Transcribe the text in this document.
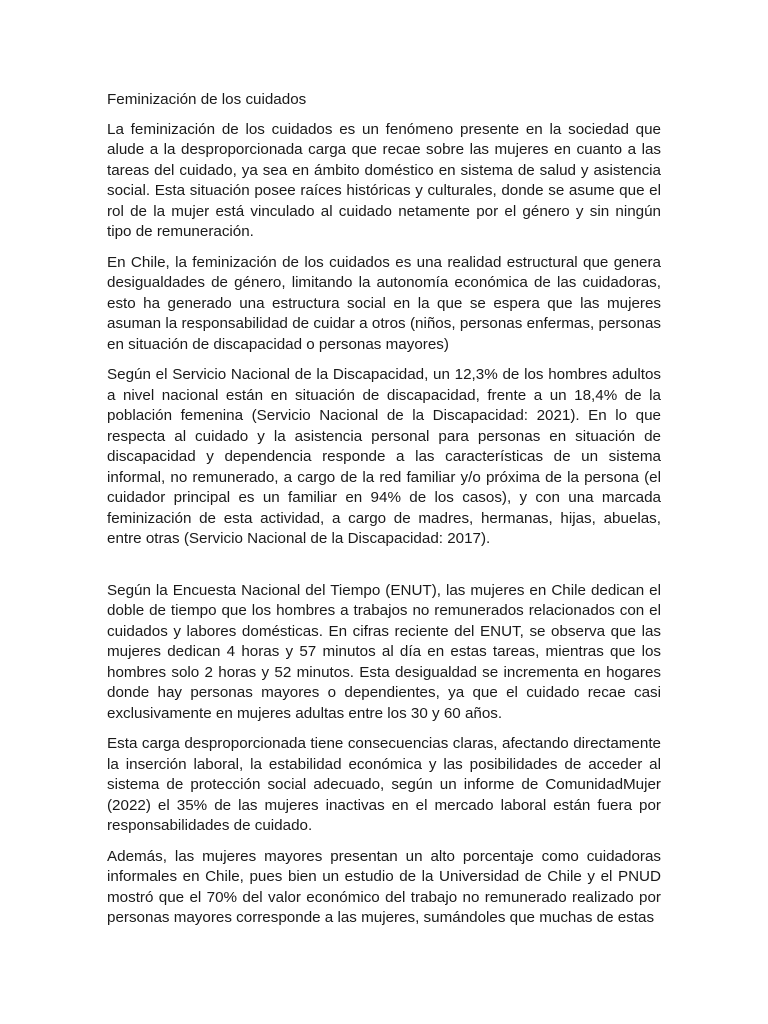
Feminización de los cuidados

La feminización de los cuidados es un fenómeno presente en la sociedad que alude a la desproporcionada carga que recae sobre las mujeres en cuanto a las tareas del cuidado, ya sea en ámbito doméstico en sistema de salud y asistencia social. Esta situación posee raíces históricas y culturales, donde se asume que el rol de la mujer está vinculado al cuidado netamente por el género y sin ningún tipo de remuneración.

En Chile, la feminización de los cuidados es una realidad estructural que genera desigualdades de género, limitando la autonomía económica de las cuidadoras, esto ha generado una estructura social en la que se espera que las mujeres asuman la responsabilidad de cuidar a otros (niños, personas enfermas, personas en situación de discapacidad o personas mayores)

Según el Servicio Nacional de la Discapacidad, un 12,3% de los hombres adultos a nivel nacional están en situación de discapacidad, frente a un 18,4% de la población femenina (Servicio Nacional de la Discapacidad: 2021). En lo que respecta al cuidado y la asistencia personal para personas en situación de discapacidad y dependencia responde a las características de un sistema informal, no remunerado, a cargo de la red familiar y/o próxima de la persona (el cuidador principal es un familiar en 94% de los casos), y con una marcada feminización de esta actividad, a cargo de madres, hermanas, hijas, abuelas, entre otras (Servicio Nacional de la Discapacidad: 2017).

Según la Encuesta Nacional del Tiempo (ENUT), las mujeres en Chile dedican el doble de tiempo que los hombres a trabajos no remunerados relacionados con el cuidados y labores domésticas. En cifras reciente del ENUT, se observa que las mujeres dedican 4 horas y 57 minutos al día en estas tareas, mientras que los hombres solo 2 horas y 52 minutos. Esta desigualdad se incrementa en hogares donde hay personas mayores o dependientes, ya que el cuidado recae casi exclusivamente en mujeres adultas entre los 30 y 60 años.

Esta carga desproporcionada tiene consecuencias claras, afectando directamente la inserción laboral, la estabilidad económica y las posibilidades de acceder al sistema de protección social adecuado, según un informe de ComunidadMujer (2022) el 35% de las mujeres inactivas en el mercado laboral están fuera por responsabilidades de cuidado.

Además, las mujeres mayores presentan un alto porcentaje como cuidadoras informales en Chile, pues bien un estudio de la Universidad de Chile y el PNUD mostró que el 70% del valor económico del trabajo no remunerado realizado por personas mayores corresponde a las mujeres, sumándoles que muchas de estas
